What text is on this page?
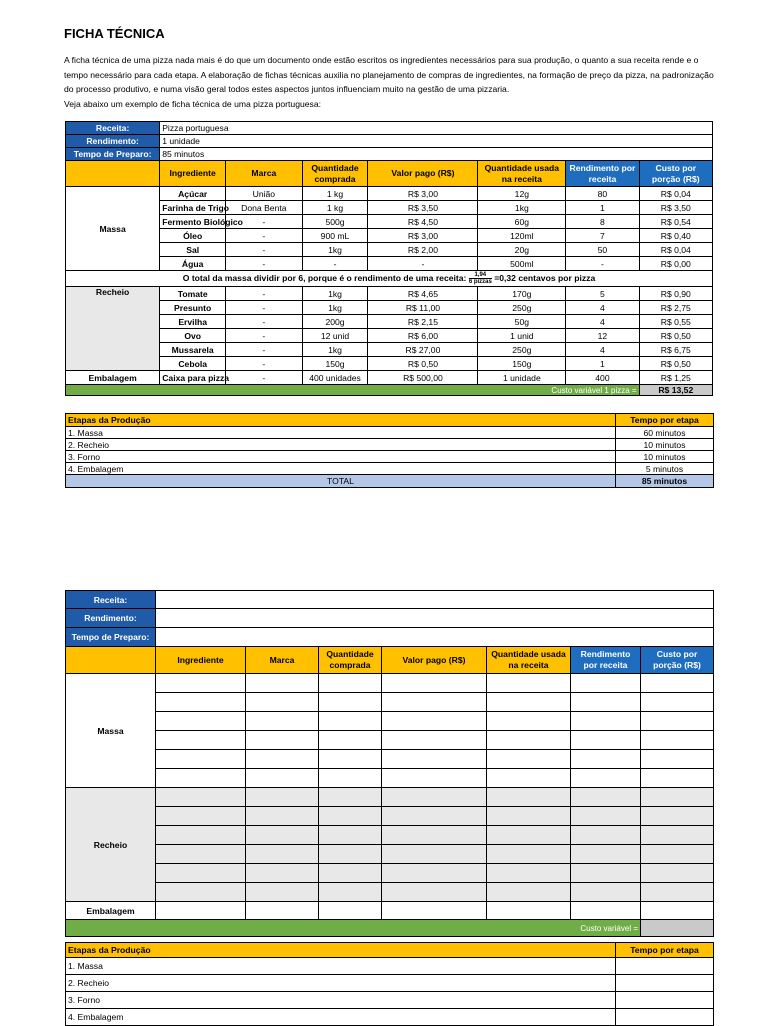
FICHA TÉCNICA
A ficha técnica de uma pizza nada mais é do que um documento onde estão escritos os ingredientes necessários para sua produção, o quanto a sua receita rende e o tempo necessário para cada etapa. A elaboração de fichas técnicas auxilia no planejamento de compras de ingredientes, na formação de preço da pizza, na padronização do processo produtivo, e numa visão geral todos estes aspectos juntos influenciam muito na gestão de uma pizzaria.
Veja abaixo um exemplo de ficha técnica de uma pizza portuguesa:
Receita:	Pizza portuguesa						
Rendimento:	1 unidade						
Tempo de Preparo:	85 minutos						
	Ingrediente	Marca	Quantidade comprada	Valor pago (R$)	Quantidade usada na receita	Rendimento por receita	Custo por porção (R$)
Massa	Açúcar	União	1 kg	R$ 3,00	12g	80	R$ 0,04
	Farinha de Trigo	Dona Benta	1 kg	R$ 3,50	1kg	1	R$ 3,50
	Fermento Biológico	-	500g	R$ 4,50	60g	8	R$ 0,54
	Óleo	-	900 mL	R$ 3,00	120ml	7	R$ 0,40
	Sal	-	1kg	R$ 2,00	20g	50	R$ 0,04
	Água	-	-	-	500ml	-	R$ 0,00
O total da massa dividir por 6, porque é o rendimento de uma receita: $\frac{1,94}{\text{6 pizzas}} =0,32$ centavos por pizza							
Recheio	Tomate	-	1kg	R$ 4,65	170g	5	R$ 0,90
	Presunto	-	1kg	R$ 11,00	250g	4	R$ 2,75
	Ervilha	-	200g	R$ 2,15	50g	4	R$ 0,55
	Ovo	-	12 unid	R$ 6,00	1 unid	12	R$ 0,50
	Mussarela	-	1kg	R$ 27,00	250g	4	R$ 6,75
	Cebola	-	150g	R$ 0,50	150g	1	R$ 0,50
Embalagem	Caixa para pizza	-	400 unidades	R$ 500,00	1 unidade	400	R$ 1,25
Custo variável 1 pizza =							R$ 13,52
Etapas da Produção	Tempo por etapa
1. Massa	60 minutos
2. Recheio	10 minutos
3. Forno	10 minutos
4. Embalagem	5 minutos
TOTAL	85 minutos
Receita:							
Rendimento:							
Tempo de Preparo:							
	Ingrediente	Marca	Quantidade comprada	Valor pago (R$)	Quantidade usada na receita	Rendimento por receita	Custo por porção (R$)
Massa							

Recheio							

Embalagem							
Custo variável =							
Etapas da Produção	Tempo por etapa
1. Massa	
2. Recheio	
3. Forno	
4. Embalagem	
